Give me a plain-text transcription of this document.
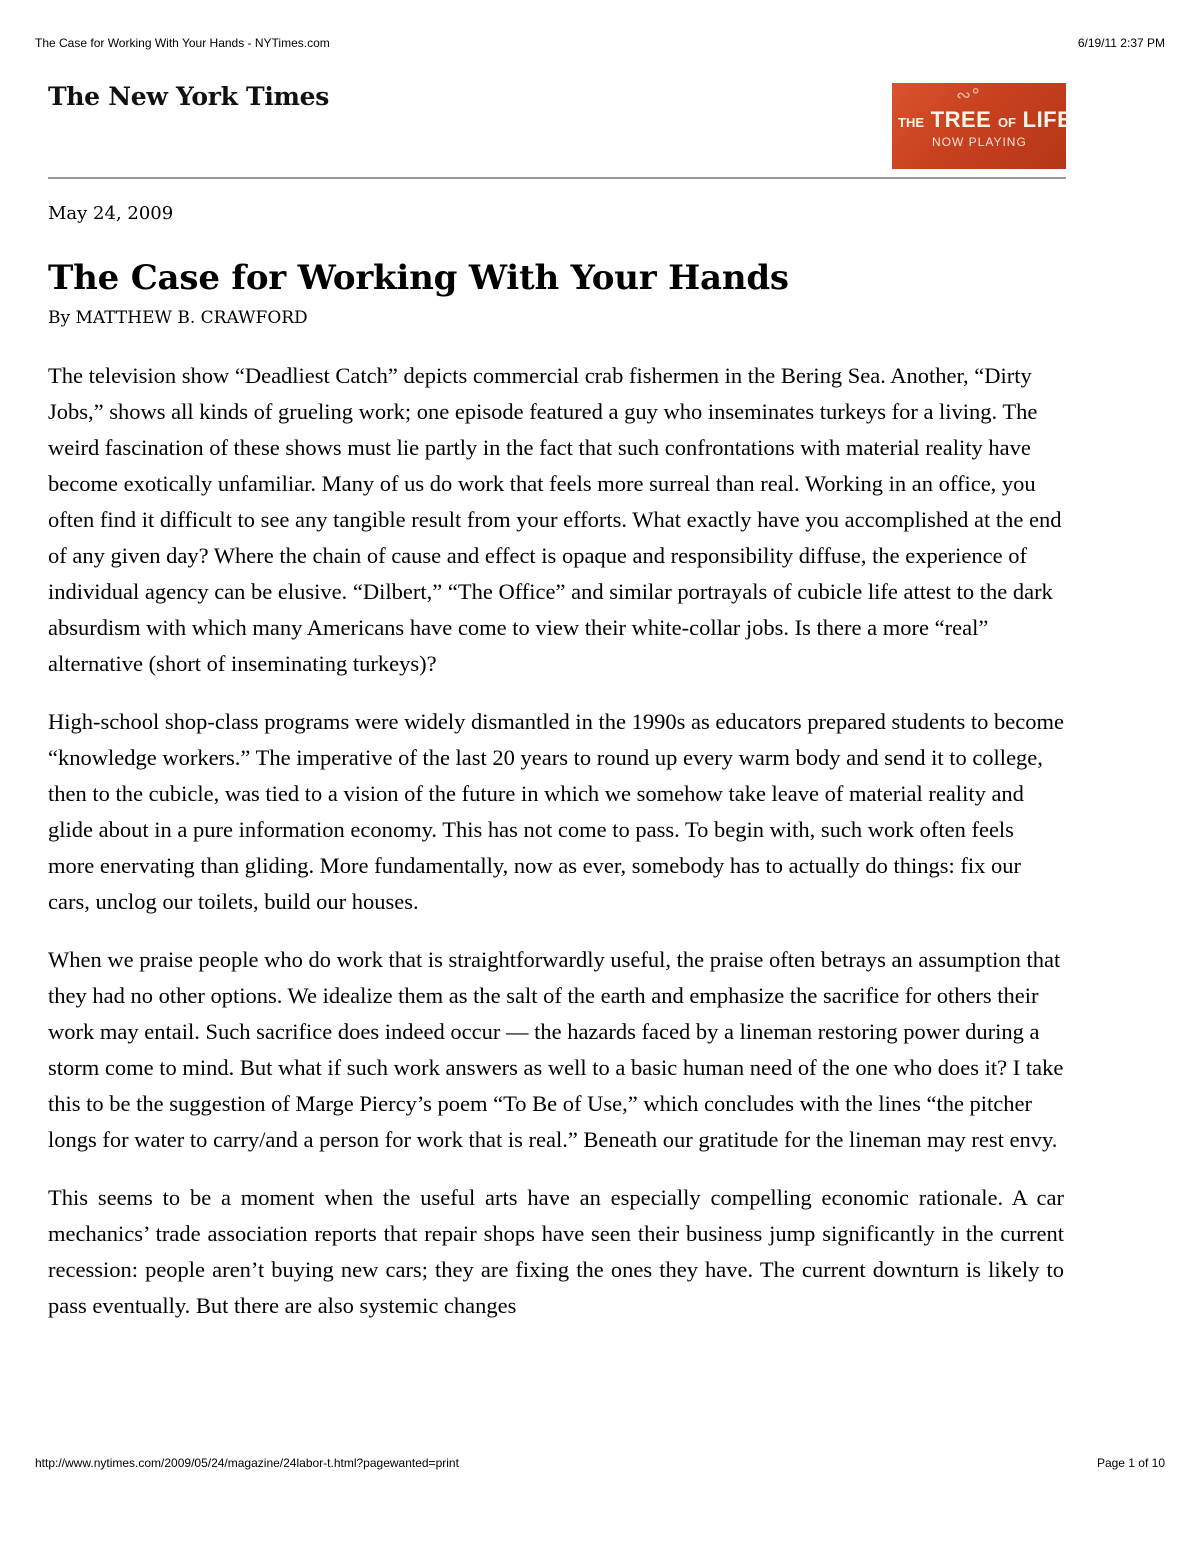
The Case for Working With Your Hands - NYTimes.com	6/19/11 2:37 PM
The New York Times	∾°
THE TREE OF LIFE
NOW PLAYING
May 24, 2009
The Case for Working With Your Hands
By MATTHEW B. CRAWFORD

The television show “Deadliest Catch” depicts commercial crab fishermen in the Bering Sea. Another, “Dirty Jobs,” shows all kinds of grueling work; one episode featured a guy who inseminates turkeys for a living. The weird fascination of these shows must lie partly in the fact that such confrontations with material reality have become exotically unfamiliar. Many of us do work that feels more surreal than real. Working in an office, you often find it difficult to see any tangible result from your efforts. What exactly have you accomplished at the end of any given day? Where the chain of cause and effect is opaque and responsibility diffuse, the experience of individual agency can be elusive. “Dilbert,” “The Office” and similar portrayals of cubicle life attest to the dark absurdism with which many Americans have come to view their white-collar jobs. Is there a more “real” alternative (short of inseminating turkeys)?

High-school shop-class programs were widely dismantled in the 1990s as educators prepared students to become “knowledge workers.” The imperative of the last 20 years to round up every warm body and send it to college, then to the cubicle, was tied to a vision of the future in which we somehow take leave of material reality and glide about in a pure information economy. This has not come to pass. To begin with, such work often feels more enervating than gliding. More fundamentally, now as ever, somebody has to actually do things: fix our cars, unclog our toilets, build our houses.

When we praise people who do work that is straightforwardly useful, the praise often betrays an assumption that they had no other options. We idealize them as the salt of the earth and emphasize the sacrifice for others their work may entail. Such sacrifice does indeed occur — the hazards faced by a lineman restoring power during a storm come to mind. But what if such work answers as well to a basic human need of the one who does it? I take this to be the suggestion of Marge Piercy’s poem “To Be of Use,” which concludes with the lines “the pitcher longs for water to carry/and a person for work that is real.” Beneath our gratitude for the lineman may rest envy.

This seems to be a moment when the useful arts have an especially compelling economic rationale. A car mechanics’ trade association reports that repair shops have seen their business jump significantly in the current recession: people aren’t buying new cars; they are fixing the ones they have. The current downturn is likely to pass eventually. But there are also systemic changes

http://www.nytimes.com/2009/05/24/magazine/24labor-t.html?pagewanted=print	Page 1 of 10
